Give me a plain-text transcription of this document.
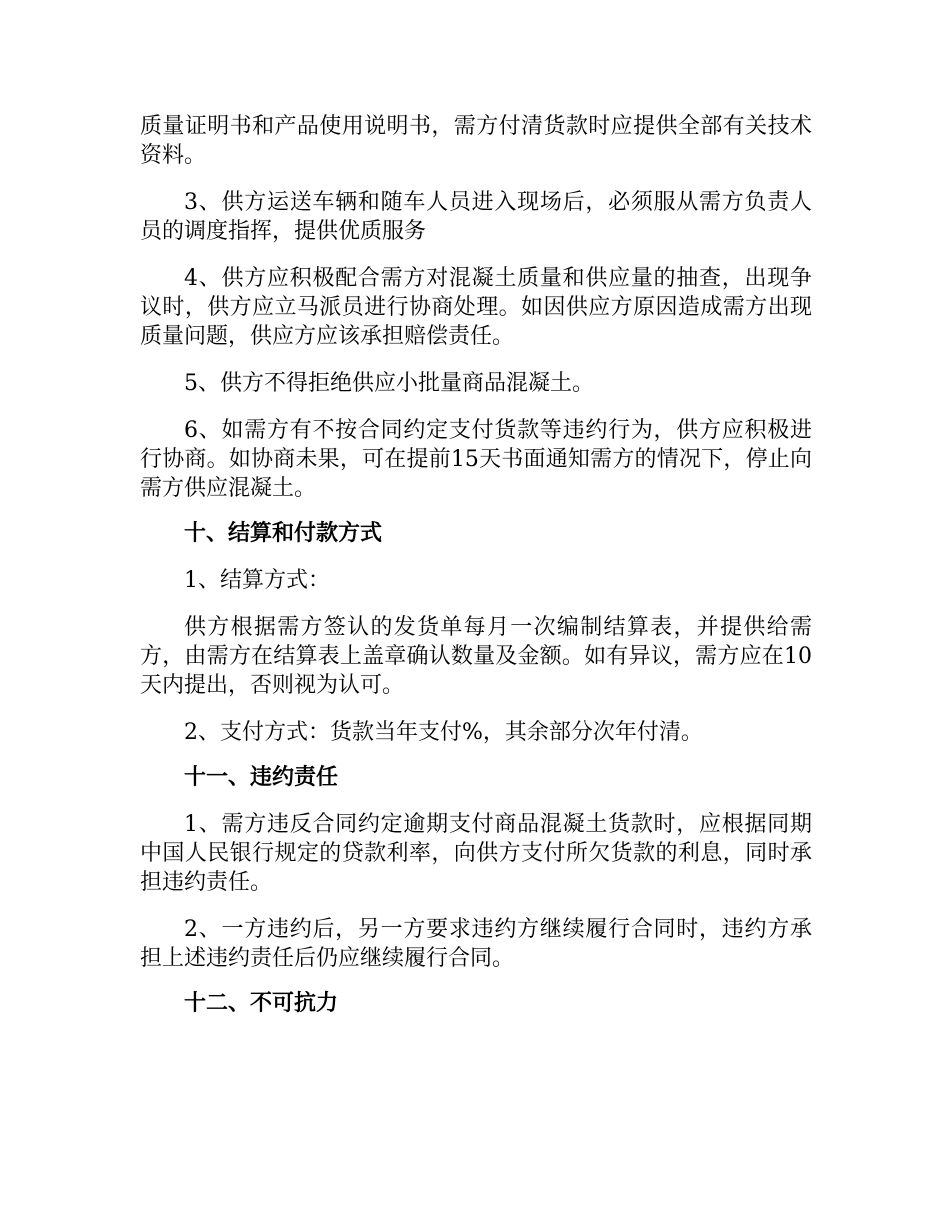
质量证明书和产品使用说明书，需方付清货款时应提供全部有关技术资料。

3、供方运送车辆和随车人员进入现场后，必须服从需方负责人员的调度指挥，提供优质服务

4、供方应积极配合需方对混凝土质量和供应量的抽查，出现争议时，供方应立马派员进行协商处理。如因供应方原因造成需方出现质量问题，供应方应该承担赔偿责任。

5、供方不得拒绝供应小批量商品混凝土。

6、如需方有不按合同约定支付货款等违约行为，供方应积极进行协商。如协商未果，可在提前15天书面通知需方的情况下，停止向需方供应混凝土。

十、结算和付款方式

1、结算方式：

供方根据需方签认的发货单每月一次编制结算表，并提供给需方，由需方在结算表上盖章确认数量及金额。如有异议，需方应在10天内提出，否则视为认可。

2、支付方式：货款当年支付%，其余部分次年付清。

十一、违约责任

1、需方违反合同约定逾期支付商品混凝土货款时，应根据同期中国人民银行规定的贷款利率，向供方支付所欠货款的利息，同时承担违约责任。

2、一方违约后，另一方要求违约方继续履行合同时，违约方承担上述违约责任后仍应继续履行合同。

十二、不可抗力
